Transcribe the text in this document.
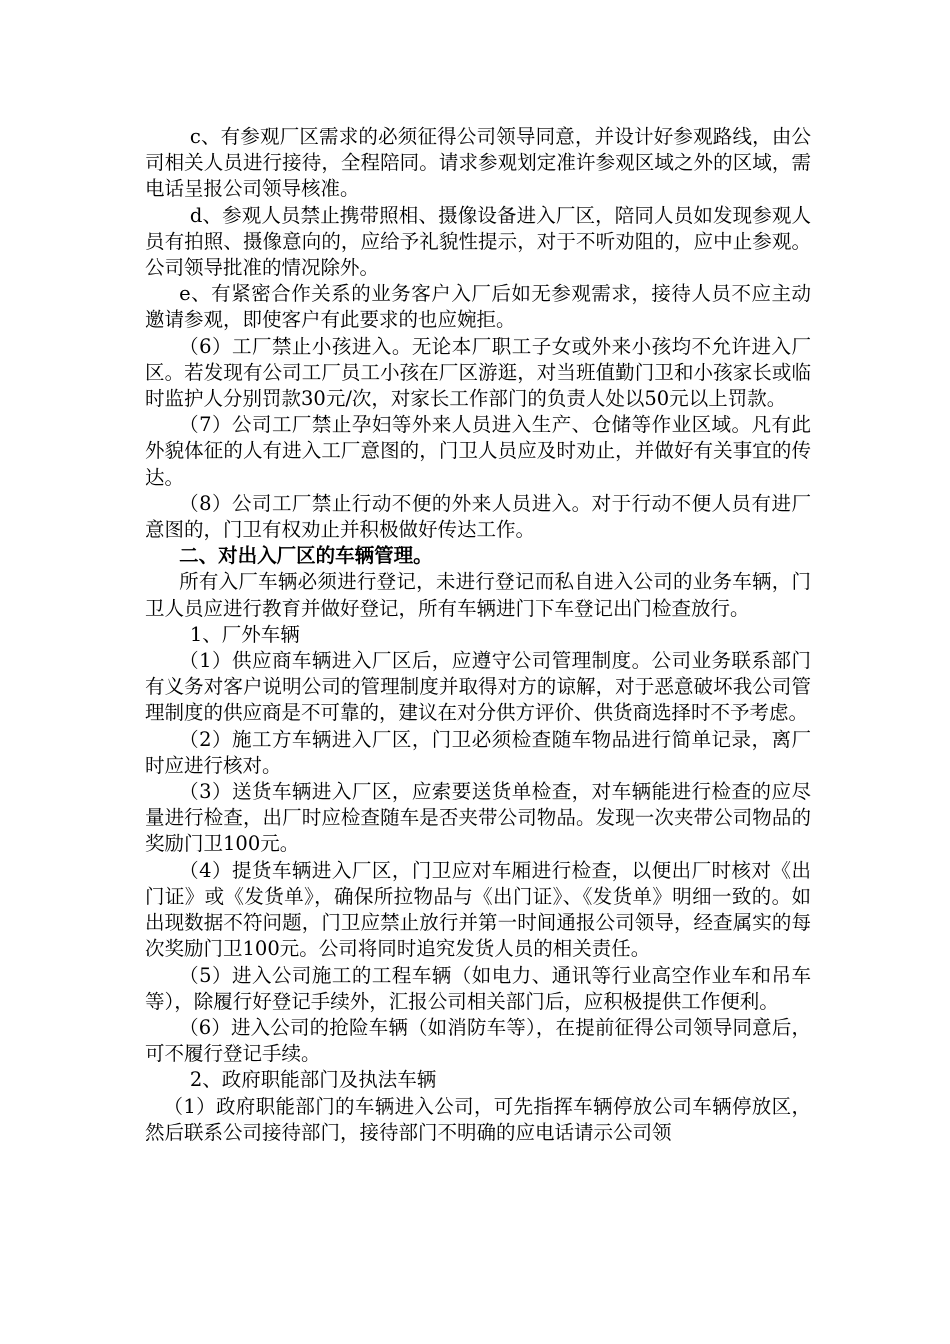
c、有参观厂区需求的必须征得公司领导同意，并设计好参观路线，由公司相关人员进行接待，全程陪同。请求参观划定准许参观区域之外的区域，需电话呈报公司领导核准。

d、参观人员禁止携带照相、摄像设备进入厂区，陪同人员如发现参观人员有拍照、摄像意向的，应给予礼貌性提示，对于不听劝阻的，应中止参观。公司领导批准的情况除外。

e、有紧密合作关系的业务客户入厂后如无参观需求，接待人员不应主动邀请参观，即使客户有此要求的也应婉拒。

（6）工厂禁止小孩进入。无论本厂职工子女或外来小孩均不允许进入厂区。若发现有公司工厂员工小孩在厂区游逛，对当班值勤门卫和小孩家长或临时监护人分别罚款30元/次，对家长工作部门的负责人处以50元以上罚款。

（7）公司工厂禁止孕妇等外来人员进入生产、仓储等作业区域。凡有此外貌体征的人有进入工厂意图的，门卫人员应及时劝止，并做好有关事宜的传达。

（8）公司工厂禁止行动不便的外来人员进入。对于行动不便人员有进厂意图的，门卫有权劝止并积极做好传达工作。

二、对出入厂区的车辆管理。

所有入厂车辆必须进行登记，未进行登记而私自进入公司的业务车辆，门卫人员应进行教育并做好登记，所有车辆进门下车登记出门检查放行。

1、厂外车辆

（1）供应商车辆进入厂区后，应遵守公司管理制度。公司业务联系部门有义务对客户说明公司的管理制度并取得对方的谅解，对于恶意破坏我公司管理制度的供应商是不可靠的，建议在对分供方评价、供货商选择时不予考虑。

（2）施工方车辆进入厂区，门卫必须检查随车物品进行简单记录，离厂时应进行核对。

（3）送货车辆进入厂区，应索要送货单检查，对车辆能进行检查的应尽量进行检查，出厂时应检查随车是否夹带公司物品。发现一次夹带公司物品的奖励门卫100元。

（4）提货车辆进入厂区，门卫应对车厢进行检查，以便出厂时核对《出门证》或《发货单》，确保所拉物品与《出门证》、《发货单》明细一致的。如出现数据不符问题，门卫应禁止放行并第一时间通报公司领导，经查属实的每次奖励门卫100元。公司将同时追究发货人员的相关责任。

（5）进入公司施工的工程车辆（如电力、通讯等行业高空作业车和吊车等），除履行好登记手续外，汇报公司相关部门后，应积极提供工作便利。

（6）进入公司的抢险车辆（如消防车等），在提前征得公司领导同意后，可不履行登记手续。

2、政府职能部门及执法车辆

（1）政府职能部门的车辆进入公司，可先指挥车辆停放公司车辆停放区，然后联系公司接待部门，接待部门不明确的应电话请示公司领
